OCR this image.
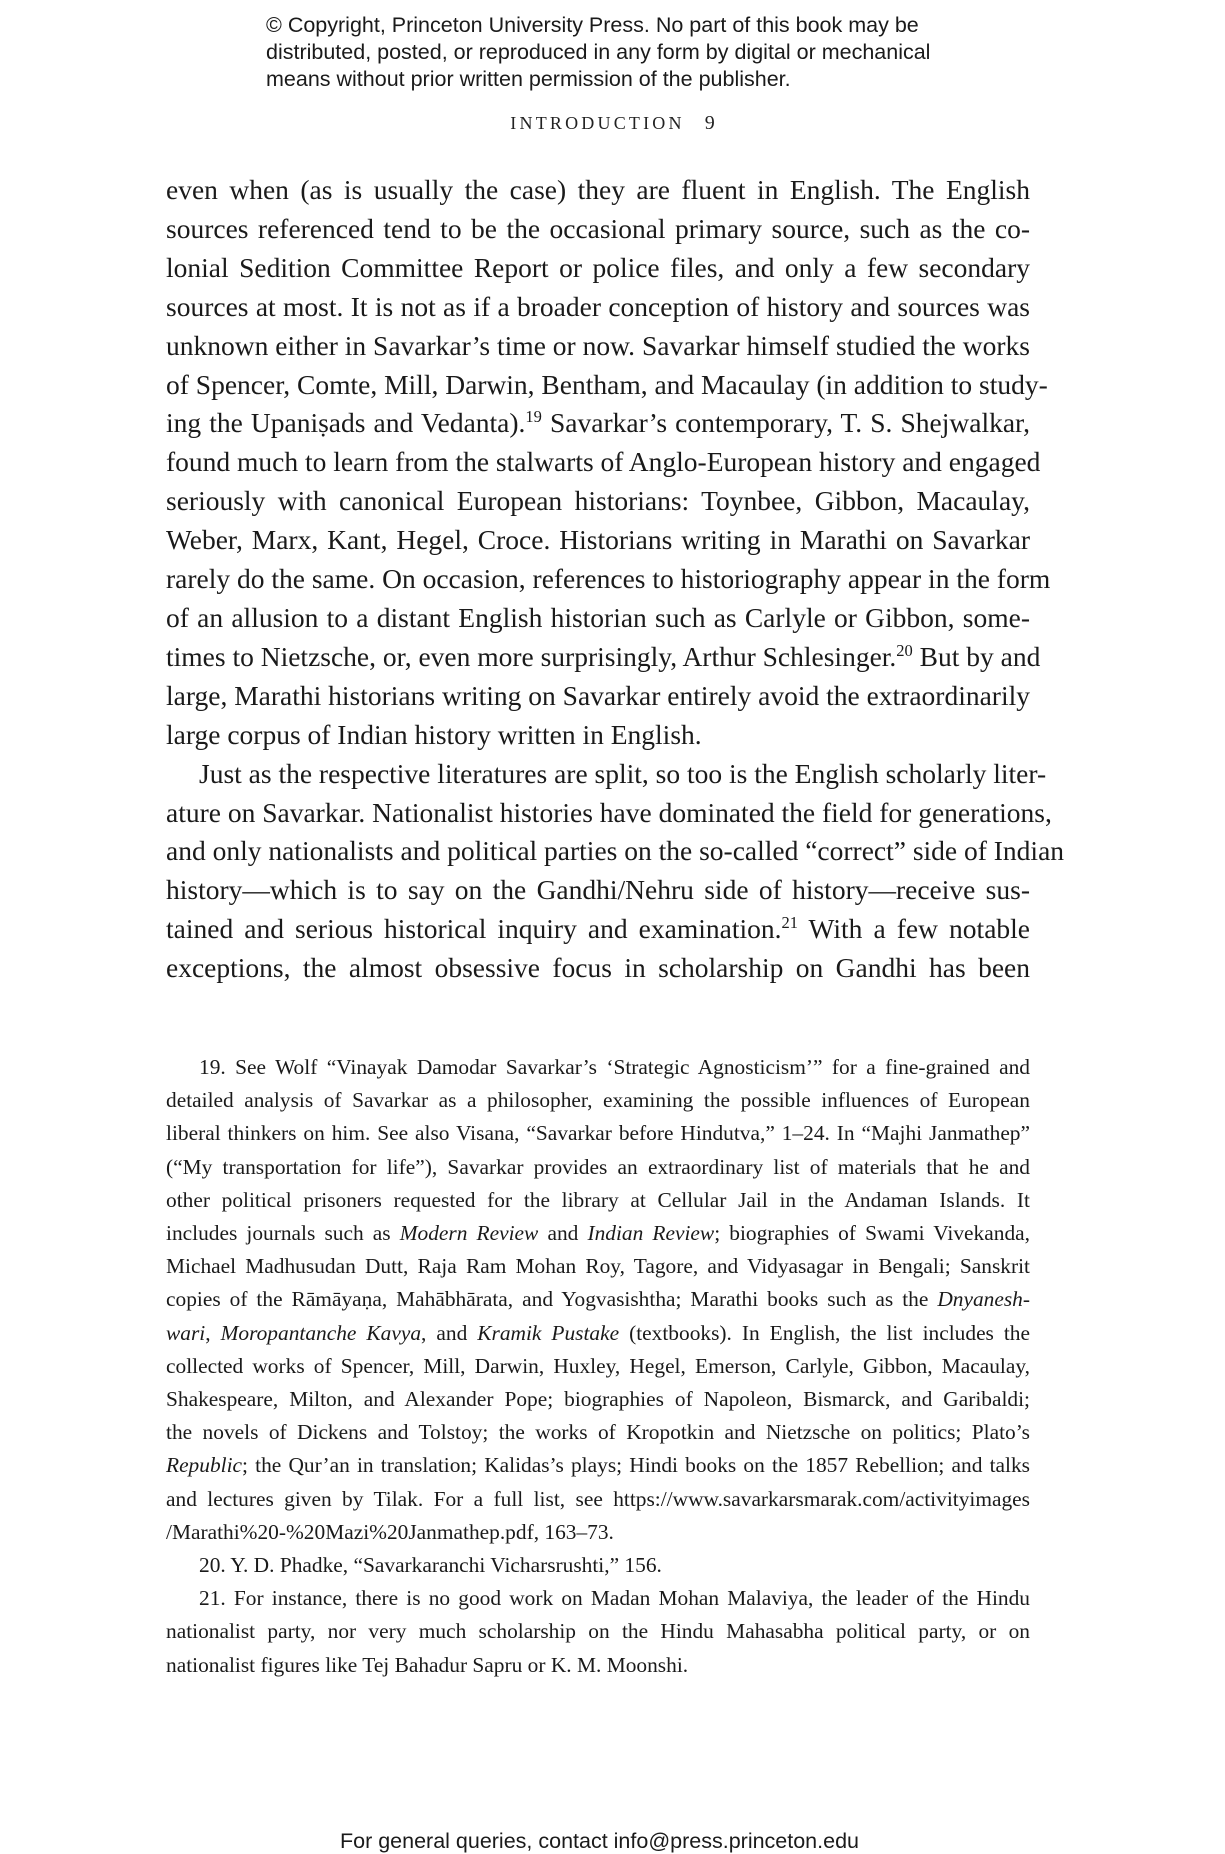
© Copyright, Princeton University Press. No part of this book may be
distributed, posted, or reproduced in any form by digital or mechanical
means without prior written permission of the publisher.
INTRODUCTION 9
even when (as is usually the case) they are fluent in English. The English
sources referenced tend to be the occasional primary source, such as the co-
lonial Sedition Committee Report or police files, and only a few secondary
sources at most. It is not as if a broader conception of history and sources was
unknown either in Savarkar’s time or now. Savarkar himself studied the works
of Spencer, Comte, Mill, Darwin, Bentham, and Macaulay (in addition to study-
ing the Upaniṣads and Vedanta).$^{19}$ Savarkar’s contemporary, T. S. Shejwalkar,
found much to learn from the stalwarts of Anglo-European history and engaged
seriously with canonical European historians: Toynbee, Gibbon, Macaulay,
Weber, Marx, Kant, Hegel, Croce. Historians writing in Marathi on Savarkar
rarely do the same. On occasion, references to historiography appear in the form
of an allusion to a distant English historian such as Carlyle or Gibbon, some-
times to Nietzsche, or, even more surprisingly, Arthur Schlesinger.$^{20}$ But by and
large, Marathi historians writing on Savarkar entirely avoid the extraordinarily
large corpus of Indian history written in English.
Just as the respective literatures are split, so too is the English scholarly liter-
ature on Savarkar. Nationalist histories have dominated the field for generations,
and only nationalists and political parties on the so-called “correct” side of Indian
history—which is to say on the Gandhi/Nehru side of history—receive sus-
tained and serious historical inquiry and examination.$^{21}$ With a few notable
exceptions, the almost obsessive focus in scholarship on Gandhi has been
19. See Wolf “Vinayak Damodar Savarkar’s ‘Strategic Agnosticism’” for a fine-grained and
detailed analysis of Savarkar as a philosopher, examining the possible influences of European
liberal thinkers on him. See also Visana, “Savarkar before Hindutva,” 1–24. In “Majhi Janmathep”
(“My transportation for life”), Savarkar provides an extraordinary list of materials that he and
other political prisoners requested for the library at Cellular Jail in the Andaman Islands. It
includes journals such as Modern Review and Indian Review; biographies of Swami Vivekanda,
Michael Madhusudan Dutt, Raja Ram Mohan Roy, Tagore, and Vidyasagar in Bengali; Sanskrit
copies of the Rāmāyaṇa, Mahābhārata, and Yogvasishtha; Marathi books such as the Dnyanesh-
wari, Moropantanche Kavya, and Kramik Pustake (textbooks). In English, the list includes the
collected works of Spencer, Mill, Darwin, Huxley, Hegel, Emerson, Carlyle, Gibbon, Macaulay,
Shakespeare, Milton, and Alexander Pope; biographies of Napoleon, Bismarck, and Garibaldi;
the novels of Dickens and Tolstoy; the works of Kropotkin and Nietzsche on politics; Plato’s
Republic; the Qur’an in translation; Kalidas’s plays; Hindi books on the 1857 Rebellion; and talks
and lectures given by Tilak. For a full list, see https://www.savarkarsmarak.com/activityimages
/Marathi%20-%20Mazi%20Janmathep.pdf, 163–73.
20. Y. D. Phadke, “Savarkaranchi Vicharsrushti,” 156.
21. For instance, there is no good work on Madan Mohan Malaviya, the leader of the Hindu
nationalist party, nor very much scholarship on the Hindu Mahasabha political party, or on
nationalist figures like Tej Bahadur Sapru or K. M. Moonshi.
For general queries, contact info@press.princeton.edu
